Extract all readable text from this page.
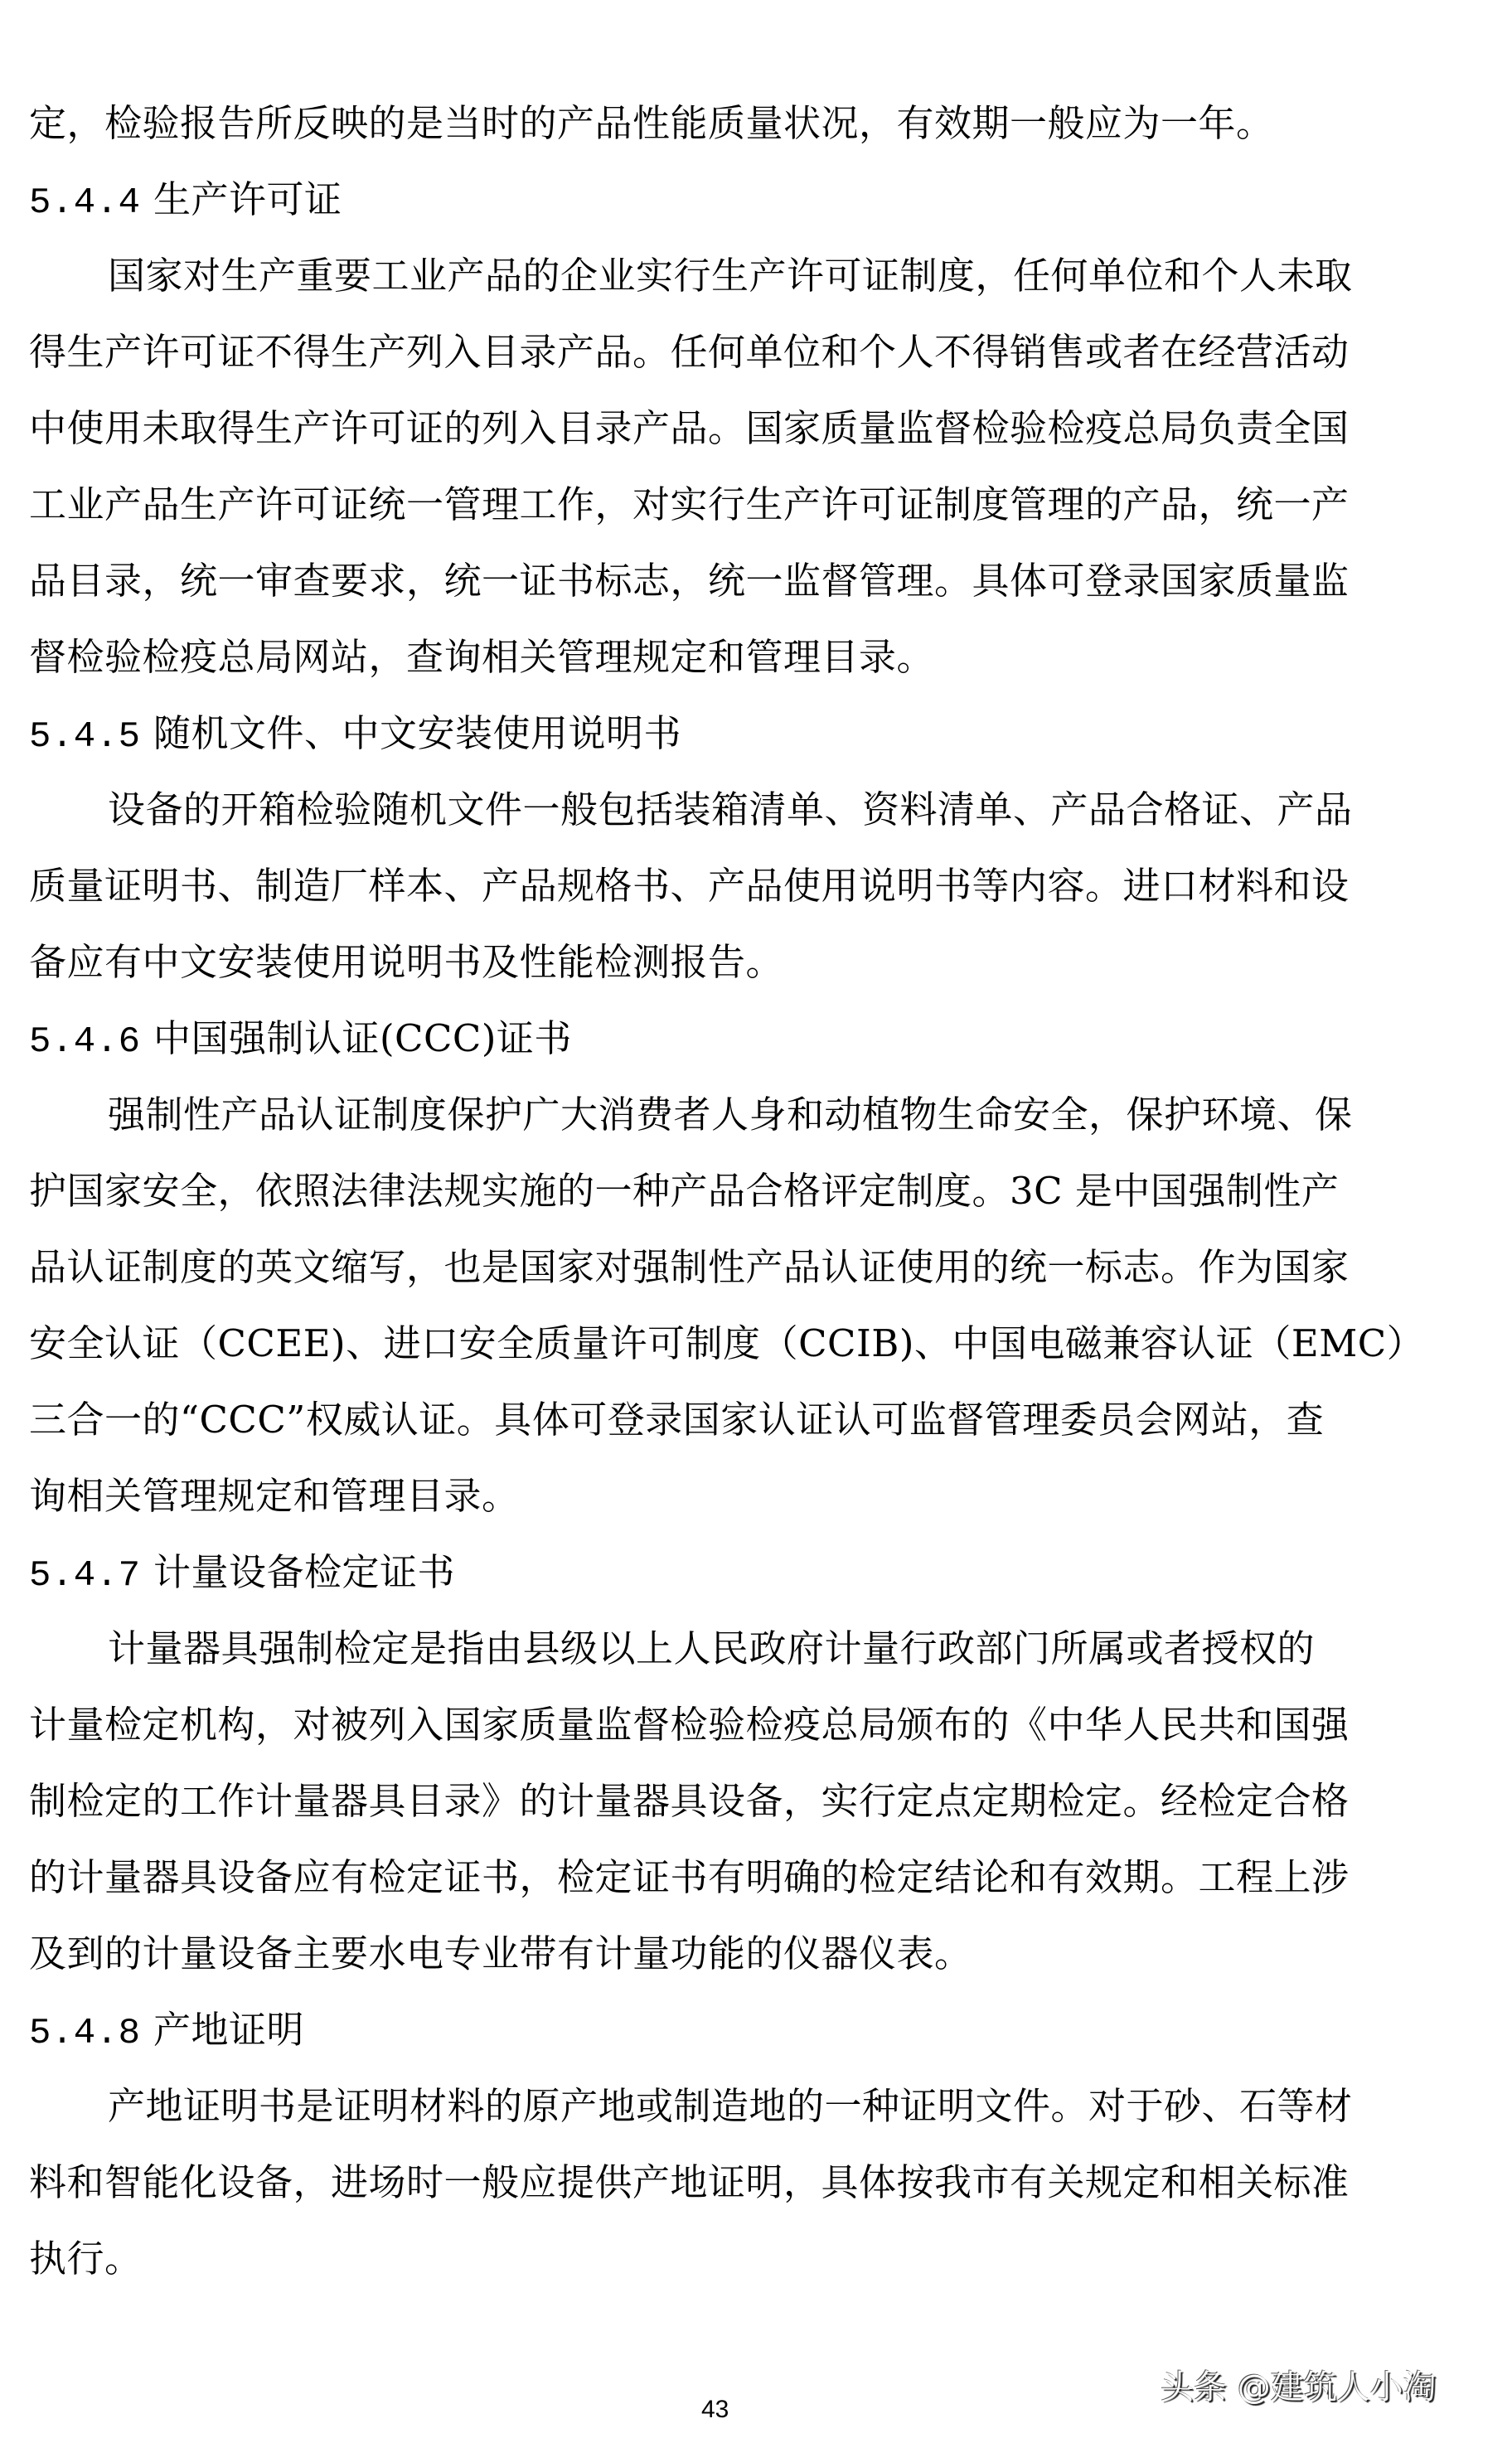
定，检验报告所反映的是当时的产品性能质量状况，有效期一般应为一年。
5.4.4 生产许可证
国家对生产重要工业产品的企业实行生产许可证制度，任何单位和个人未取
得生产许可证不得生产列入目录产品。任何单位和个人不得销售或者在经营活动
中使用未取得生产许可证的列入目录产品。国家质量监督检验检疫总局负责全国
工业产品生产许可证统一管理工作，对实行生产许可证制度管理的产品，统一产
品目录，统一审查要求，统一证书标志，统一监督管理。具体可登录国家质量监
督检验检疫总局网站，查询相关管理规定和管理目录。
5.4.5 随机文件、中文安装使用说明书
设备的开箱检验随机文件一般包括装箱清单、资料清单、产品合格证、产品
质量证明书、制造厂样本、产品规格书、产品使用说明书等内容。进口材料和设
备应有中文安装使用说明书及性能检测报告。
5.4.6 中国强制认证(CCC)证书
强制性产品认证制度保护广大消费者人身和动植物生命安全，保护环境、保
护国家安全，依照法律法规实施的一种产品合格评定制度。3C 是中国强制性产
品认证制度的英文缩写，也是国家对强制性产品认证使用的统一标志。作为国家
安全认证（CCEE)、进口安全质量许可制度（CCIB)、中国电磁兼容认证（EMC）
三合一的“CCC”权威认证。具体可登录国家认证认可监督管理委员会网站，查
询相关管理规定和管理目录。
5.4.7 计量设备检定证书
计量器具强制检定是指由县级以上人民政府计量行政部门所属或者授权的
计量检定机构，对被列入国家质量监督检验检疫总局颁布的《中华人民共和国强
制检定的工作计量器具目录》的计量器具设备，实行定点定期检定。经检定合格
的计量器具设备应有检定证书，检定证书有明确的检定结论和有效期。工程上涉
及到的计量设备主要水电专业带有计量功能的仪器仪表。
5.4.8 产地证明
产地证明书是证明材料的原产地或制造地的一种证明文件。对于砂、石等材
料和智能化设备，进场时一般应提供产地证明，具体按我市有关规定和相关标准
执行。
头条 @建筑人小淘
43
